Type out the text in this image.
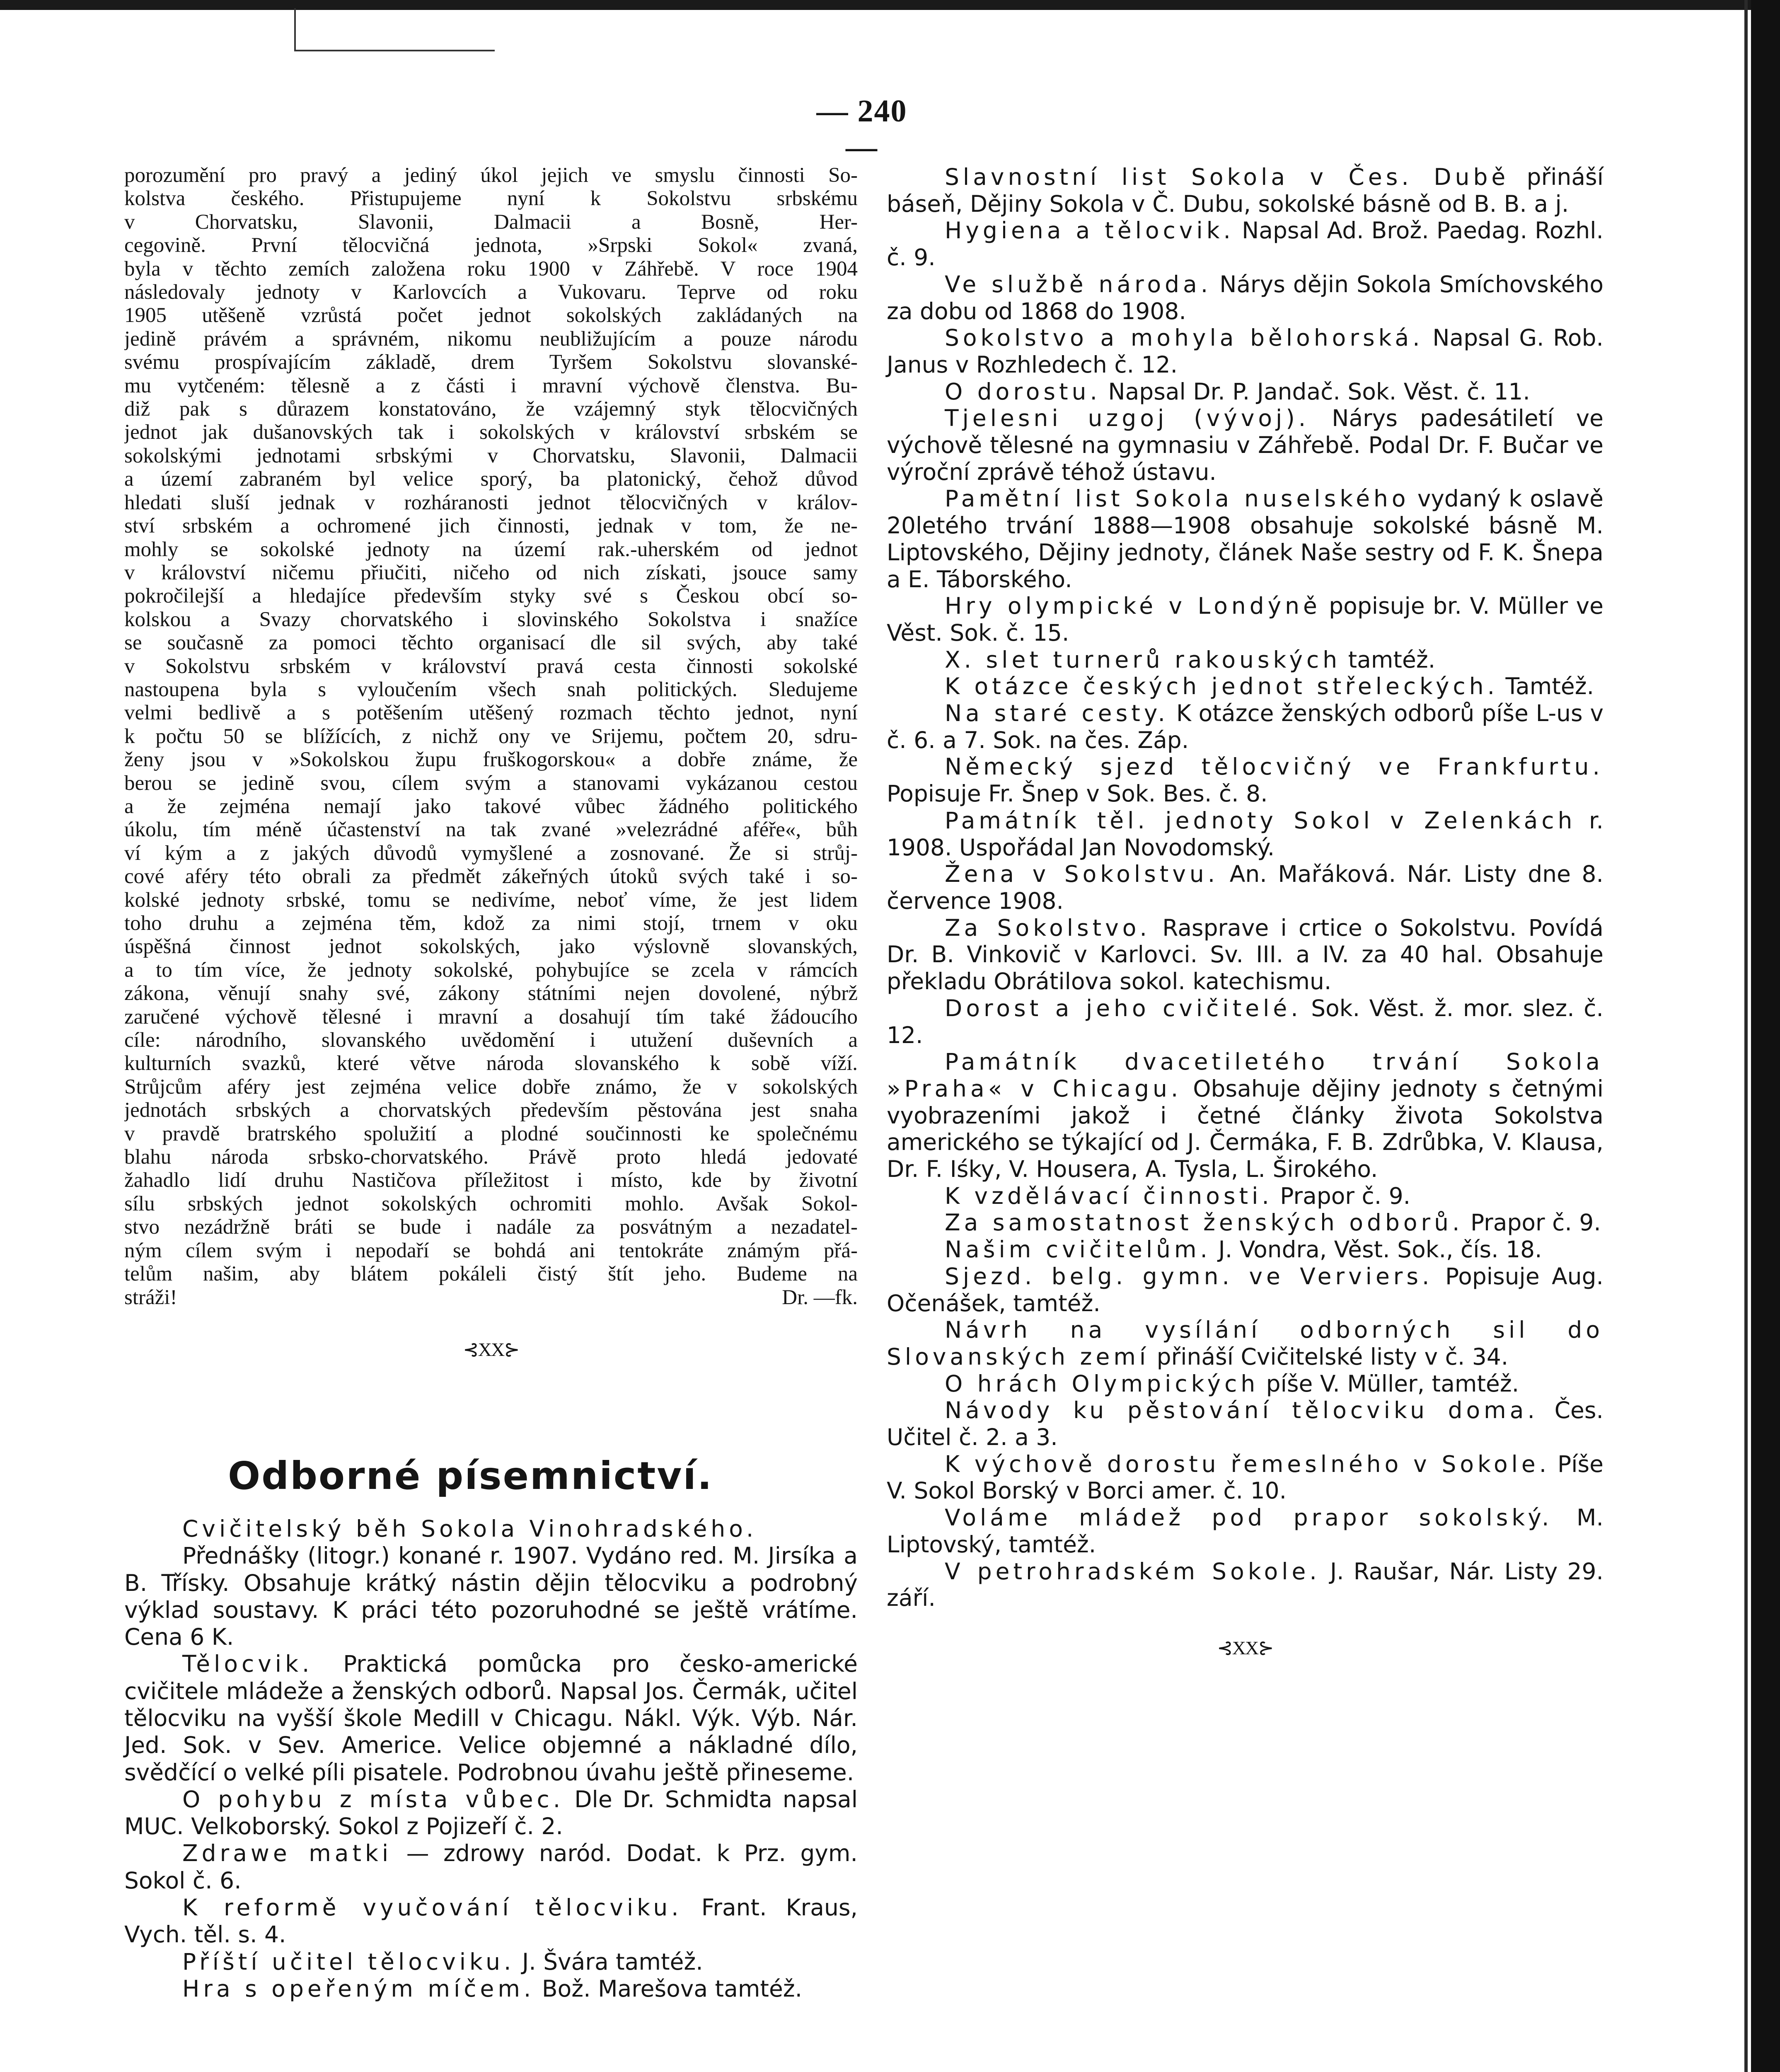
— 240 —
porozumění pro pravý a jediný úkol jejich ve smyslu činnosti So-
kolstva českého. Přistupujeme nyní k Sokolstvu srbskému
v Chorvatsku, Slavonii, Dalmacii a Bosně, Her-
cegovině. První tělocvičná jednota, »Srpski Sokol« zvaná,
byla v těchto zemích založena roku 1900 v Záhřebě. V roce 1904
následovaly jednoty v Karlovcích a Vukovaru. Teprve od roku
1905 utěšeně vzrůstá počet jednot sokolských zakládaných na
jedině právém a správném, nikomu neubližujícím a pouze národu
svému prospívajícím základě, drem Tyršem Sokolstvu slovanské-
mu vytčeném: tělesně a z části i mravní výchově členstva. Bu-
diž pak s důrazem konstatováno, že vzájemný styk tělocvičných
jednot jak dušanovských tak i sokolských v království srbském se
sokolskými jednotami srbskými v Chorvatsku, Slavonii, Dalmacii
a území zabraném byl velice sporý, ba platonický, čehož důvod
hledati sluší jednak v rozháranosti jednot tělocvičných v králov-
ství srbském a ochromené jich činnosti, jednak v tom, že ne-
mohly se sokolské jednoty na území rak.-uherském od jednot
v království ničemu přiučiti, ničeho od nich získati, jsouce samy
pokročilejší a hledajíce především styky své s Českou obcí so-
kolskou a Svazy chorvatského i slovinského Sokolstva i snažíce
se současně za pomoci těchto organisací dle sil svých, aby také
v Sokolstvu srbském v království pravá cesta činnosti sokolské
nastoupena byla s vyloučením všech snah politických. Sledujeme
velmi bedlivě a s potěšením utěšený rozmach těchto jednot, nyní
k počtu 50 se blížících, z nichž ony ve Srijemu, počtem 20, sdru-
ženy jsou v »Sokolskou župu fruškogorskou« a dobře známe, že
berou se jedině svou, cílem svým a stanovami vykázanou cestou
a že zejména nemají jako takové vůbec žádného politického
úkolu, tím méně účastenství na tak zvané »velezrádné aféře«, bůh
ví kým a z jakých důvodů vymyšlené a zosnované. Že si strůj-
cové aféry této obrali za předmět zákeřných útoků svých také i so-
kolské jednoty srbské, tomu se nedivíme, neboť víme, že jest lidem
toho druhu a zejména těm, kdož za nimi stojí, trnem v oku
úspěšná činnost jednot sokolských, jako výslovně slovanských,
a to tím více, že jednoty sokolské, pohybujíce se zcela v rámcích
zákona, věnují snahy své, zákony státními nejen dovolené, nýbrž
zaručené výchově tělesné i mravní a dosahují tím také žádoucího
cíle: národního, slovanského uvědomění i utužení duševních a
kulturních svazků, které větve národa slovanského k sobě víží.
Strůjcům aféry jest zejména velice dobře známo, že v sokolských
jednotách srbských a chorvatských především pěstována jest snaha
v pravdě bratrského spolužití a plodné součinnosti ke společnému
blahu národa srbsko-chorvatského. Právě proto hledá jedovaté
žahadlo lidí druhu Nastičova příležitost i místo, kde by životní
sílu srbských jednot sokolských ochromiti mohlo. Avšak Sokol-
stvo nezádržně bráti se bude i nadále za posvátným a nezadatel-
ným cílem svým i nepodaří se bohdá ani tentokráte známým přá-
telům našim, aby blátem pokáleli čistý štít jeho. Budeme na
stráži!	Dr. —fk.
⊰XX⊱
Odborné písemnictví.

Cvičitelský běh Sokola Vinohradského.

Přednášky (litogr.) konané r. 1907. Vydáno red. M. Jirsíka a B. Třísky. Obsahuje krátký nástin dějin tělocviku a podrobný výklad soustavy. K práci této pozoruhodné se ještě vrátíme. Cena 6 K.

Tělocvik. Praktická pomůcka pro česko-americké cvičitele mládeže a ženských odborů. Napsal Jos. Čermák, učitel tělocviku na vyšší škole Medill v Chicagu. Nákl. Výk. Výb. Nár. Jed. Sok. v Sev. Americe. Velice objemné a nákladné dílo, svědčící o velké píli pisatele. Podrobnou úvahu ještě přineseme.

O pohybu z místa vůbec. Dle Dr. Schmidta napsal MUC. Velkoborský. Sokol z Pojizeří č. 2.

Zdrawe matki — zdrowy naród. Dodat. k Prz. gym. Sokol č. 6.

K reformě vyučování tělocviku. Frant. Kraus, Vych. těl. s. 4.

Příští učitel tělocviku. J. Švára tamtéž.

Hra s opeřeným míčem. Bož. Marešova tamtéž.

Slavnostní list Sokola v Čes. Dubě přináší báseň, Dějiny Sokola v Č. Dubu, sokolské básně od B. B. a j.

Hygiena a tělocvik. Napsal Ad. Brož. Paedag. Rozhl. č. 9.

Ve službě národa. Nárys dějin Sokola Smíchovského za dobu od 1868 do 1908.

Sokolstvo a mohyla bělohorská. Napsal G. Rob. Janus v Rozhledech č. 12.

O dorostu. Napsal Dr. P. Jandač. Sok. Věst. č. 11.

Tjelesni uzgoj (vývoj). Nárys padesátiletí ve výchově tělesné na gymnasiu v Záhřebě. Podal Dr. F. Bučar ve výroční zprávě téhož ústavu.

Pamětní list Sokola nuselského vydaný k oslavě 20letého trvání 1888—1908 obsahuje sokolské básně M. Liptovského, Dějiny jednoty, článek Naše sestry od F. K. Šnepa a E. Táborského.

Hry olympické v Londýně popisuje br. V. Müller ve Věst. Sok. č. 15.

X. slet turnerů rakouských tamtéž.

K otázce českých jednot střeleckých. Tamtéž.

Na staré cesty. K otázce ženských odborů píše L-us v č. 6. a 7. Sok. na čes. Záp.

Německý sjezd tělocvičný ve Frankfurtu. Popisuje Fr. Šnep v Sok. Bes. č. 8.

Památník těl. jednoty Sokol v Zelenkách r. 1908. Uspořádal Jan Novodomský.

Žena v Sokolstvu. An. Mařáková. Nár. Listy dne 8. července 1908.

Za Sokolstvo. Rasprave i crtice o Sokolstvu. Povídá Dr. B. Vinkovič v Karlovci. Sv. III. a IV. za 40 hal. Obsahuje překladu Obrátilova sokol. katechismu.

Dorost a jeho cvičitelé. Sok. Věst. ž. mor. slez. č. 12.

Památník dvacetiletého trvání Sokola »Praha« v Chicagu. Obsahuje dějiny jednoty s četnými vyobrazeními jakož i četné články života Sokolstva amerického se týkající od J. Čermáka, F. B. Zdrůbka, V. Klausa, Dr. F. Iśky, V. Housera, A. Tysla, L. Širokého.

K vzdělávací činnosti. Prapor č. 9.

Za samostatnost ženských odborů. Prapor č. 9.

Našim cvičitelům. J. Vondra, Věst. Sok., čís. 18.

Sjezd. belg. gymn. ve Verviers. Popisuje Aug. Očenášek, tamtéž.

Návrh na vysílání odborných sil do Slovanských zemí přináší Cvičitelské listy v č. 34.

O hrách Olympických píše V. Müller, tamtéž.

Návody ku pěstování tělocviku doma. Čes. Učitel č. 2. a 3.

K výchově dorostu řemeslného v Sokole. Píše V. Sokol Borský v Borci amer. č. 10.

Voláme mládež pod prapor sokolský. M. Liptovský, tamtéž.

V petrohradském Sokole. J. Raušar, Nár. Listy 29. září.

⊰XX⊱
